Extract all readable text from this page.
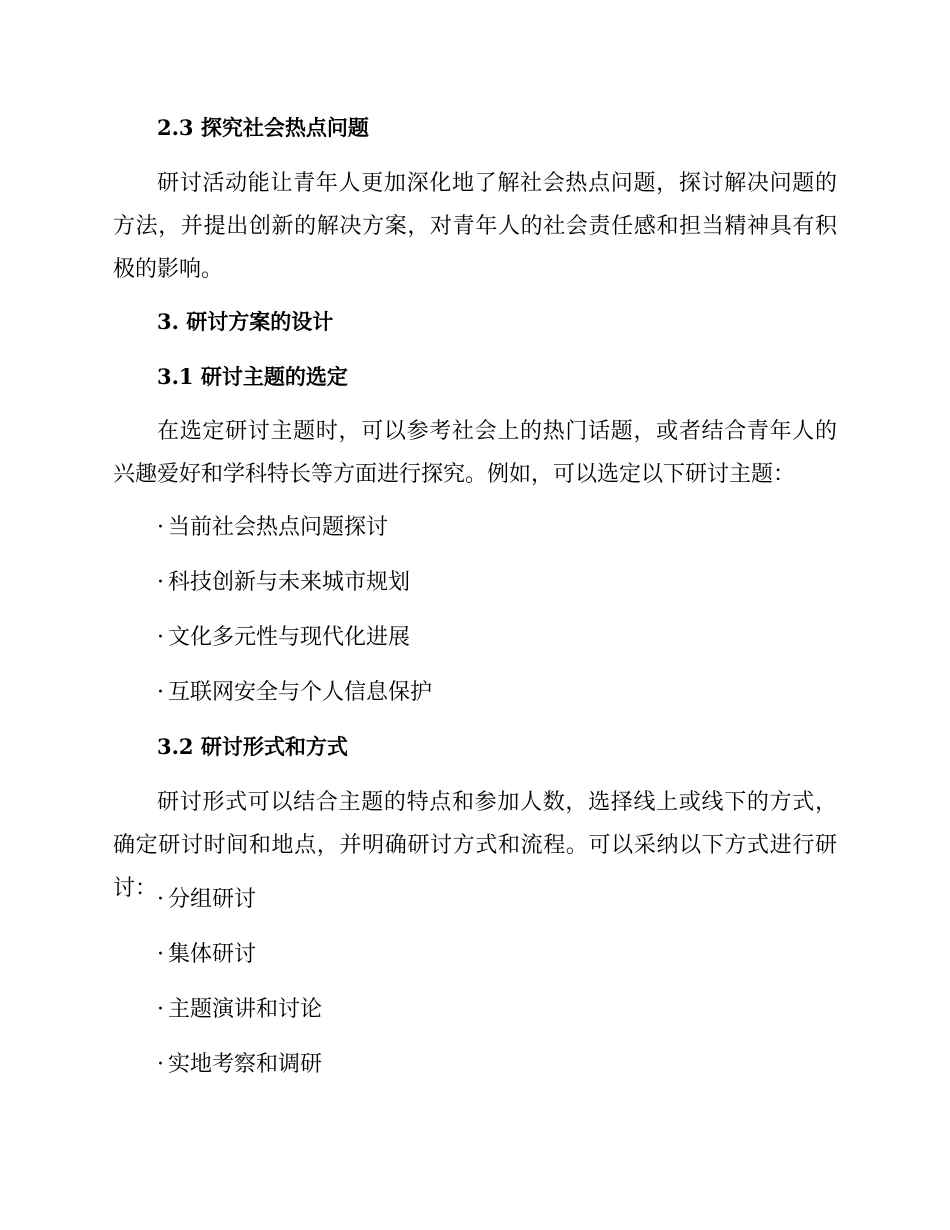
2.3 探究社会热点问题

研讨活动能让青年人更加深化地了解社会热点问题，探讨解决问题的方法，并提出创新的解决方案，对青年人的社会责任感和担当精神具有积极的影响。

3. 研讨方案的设计
3.1 研讨主题的选定

在选定研讨主题时，可以参考社会上的热门话题，或者结合青年人的兴趣爱好和学科特长等方面进行探究。例如，可以选定以下研讨主题：

· 当前社会热点问题探讨
· 科技创新与未来城市规划
· 文化多元性与现代化进展
· 互联网安全与个人信息保护
3.2 研讨形式和方式

研讨形式可以结合主题的特点和参加人数，选择线上或线下的方式，确定研讨时间和地点，并明确研讨方式和流程。可以采纳以下方式进行研讨： · 分组研讨
· 集体研讨
· 主题演讲和讨论
· 实地考察和调研
